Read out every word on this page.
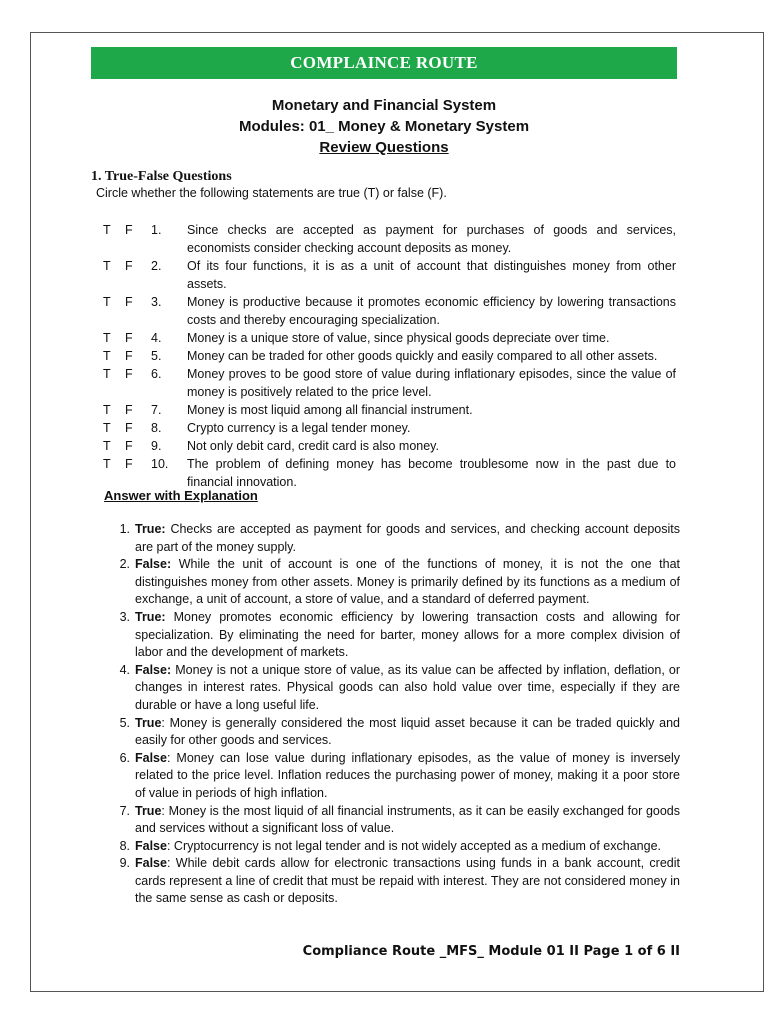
COMPLAINCE ROUTE
Monetary and Financial System
Modules: 01_ Money & Monetary System
Review Questions
1. True-False Questions
Circle whether the following statements are true (T) or false (F).
T	F	1.	Since checks are accepted as payment for purchases of goods and services, economists consider checking account deposits as money.
T	F	2.	Of its four functions, it is as a unit of account that distinguishes money from other assets.
T	F	3.	Money is productive because it promotes economic efficiency by lowering transactions costs and thereby encouraging specialization.
T	F	4.	Money is a unique store of value, since physical goods depreciate over time.
T	F	5.	Money can be traded for other goods quickly and easily compared to all other assets.
T	F	6.	Money proves to be good store of value during inflationary episodes, since the value of money is positively related to the price level.
T	F	7.	Money is most liquid among all financial instrument.
T	F	8.	Crypto currency is a legal tender money.
T	F	9.	Not only debit card, credit card is also money.
T	F	10.	The problem of defining money has become troublesome now in the past due to financial innovation.
Answer with Explanation
1. True: Checks are accepted as payment for goods and services, and checking account deposits are part of the money supply.
2. False: While the unit of account is one of the functions of money, it is not the one that distinguishes money from other assets. Money is primarily defined by its functions as a medium of exchange, a unit of account, a store of value, and a standard of deferred payment.
3. True: Money promotes economic efficiency by lowering transaction costs and allowing for specialization. By eliminating the need for barter, money allows for a more complex division of labor and the development of markets.
4. False: Money is not a unique store of value, as its value can be affected by inflation, deflation, or changes in interest rates. Physical goods can also hold value over time, especially if they are durable or have a long useful life.
5. True: Money is generally considered the most liquid asset because it can be traded quickly and easily for other goods and services.
6. False: Money can lose value during inflationary episodes, as the value of money is inversely related to the price level. Inflation reduces the purchasing power of money, making it a poor store of value in periods of high inflation.
7. True: Money is the most liquid of all financial instruments, as it can be easily exchanged for goods and services without a significant loss of value.
8. False: Cryptocurrency is not legal tender and is not widely accepted as a medium of exchange.
9. False: While debit cards allow for electronic transactions using funds in a bank account, credit cards represent a line of credit that must be repaid with interest. They are not considered money in the same sense as cash or deposits.
Compliance Route _MFS_ Module 01 II Page 1 of 6 II
